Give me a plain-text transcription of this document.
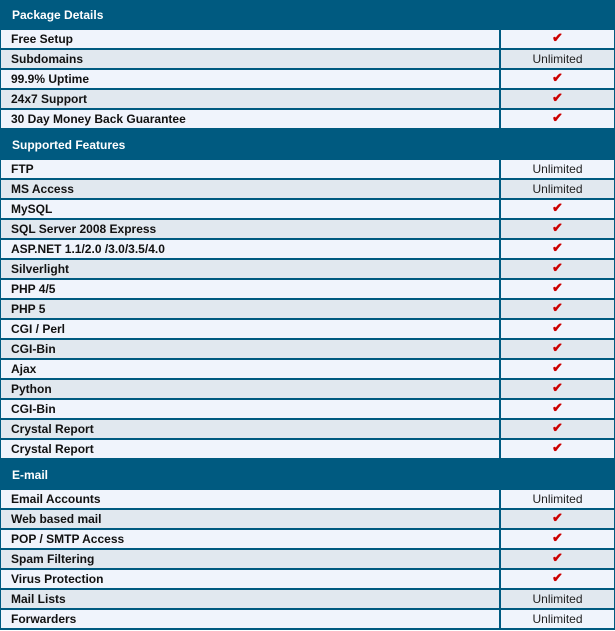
Package Details
Free Setup	✔
Subdomains	Unlimited
99.9% Uptime	✔
24x7 Support	✔
30 Day Money Back Guarantee	✔
Supported Features
FTP	Unlimited
MS Access	Unlimited
MySQL	✔
SQL Server 2008 Express	✔
ASP.NET 1.1/2.0 /3.0/3.5/4.0	✔
Silverlight	✔
PHP 4/5	✔
PHP 5	✔
CGI / Perl	✔
CGI-Bin	✔
Ajax	✔
Python	✔
CGI-Bin	✔
Crystal Report	✔
Crystal Report	✔
E-mail
Email Accounts	Unlimited
Web based mail	✔
POP / SMTP Access	✔
Spam Filtering	✔
Virus Protection	✔
Mail Lists	Unlimited
Forwarders	Unlimited
